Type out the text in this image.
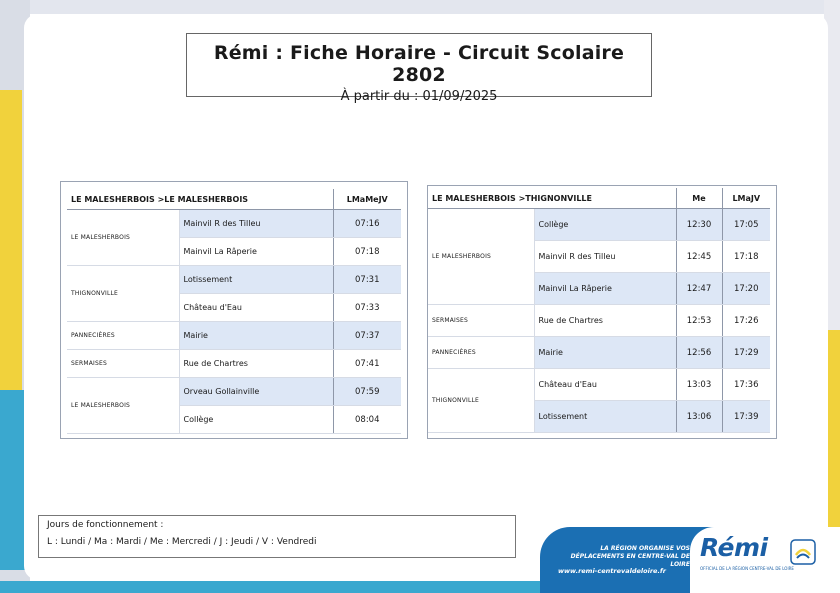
Rémi : Fiche Horaire - Circuit Scolaire 2802
À partir du : 01/09/2025
LE MALESHERBOIS >LE MALESHERBOIS		LMaMeJV
LE MALESHERBOIS	Mainvil R des Tilleu	07:16
	Mainvil La Râperie	07:18
THIGNONVILLE	Lotissement	07:31
	Château d'Eau	07:33
PANNECIÈRES	Mairie	07:37
SERMAISES	Rue de Chartres	07:41
LE MALESHERBOIS	Orveau Gollainville	07:59
	Collège	08:04
LE MALESHERBOIS >THIGNONVILLE		Me	LMaJV
LE MALESHERBOIS	Collège	12:30	17:05
	Mainvil R des Tilleu	12:45	17:18
	Mainvil La Râperie	12:47	17:20
SERMAISES	Rue de Chartres	12:53	17:26
PANNECIÈRES	Mairie	12:56	17:29
THIGNONVILLE	Château d'Eau	13:03	17:36
	Lotissement	13:06	17:39
Jours de fonctionnement :
L : Lundi / Ma : Mardi / Me : Mercredi / J : Jeudi / V : Vendredi
LA RÉGION ORGANISE VOS DÉPLACEMENTS EN CENTRE-VAL DE LOIRE
www.remi-centrevaldeloire.fr
Rémi
OFFICIAL DE LA RÉGION CENTRE-VAL DE LOIRE
